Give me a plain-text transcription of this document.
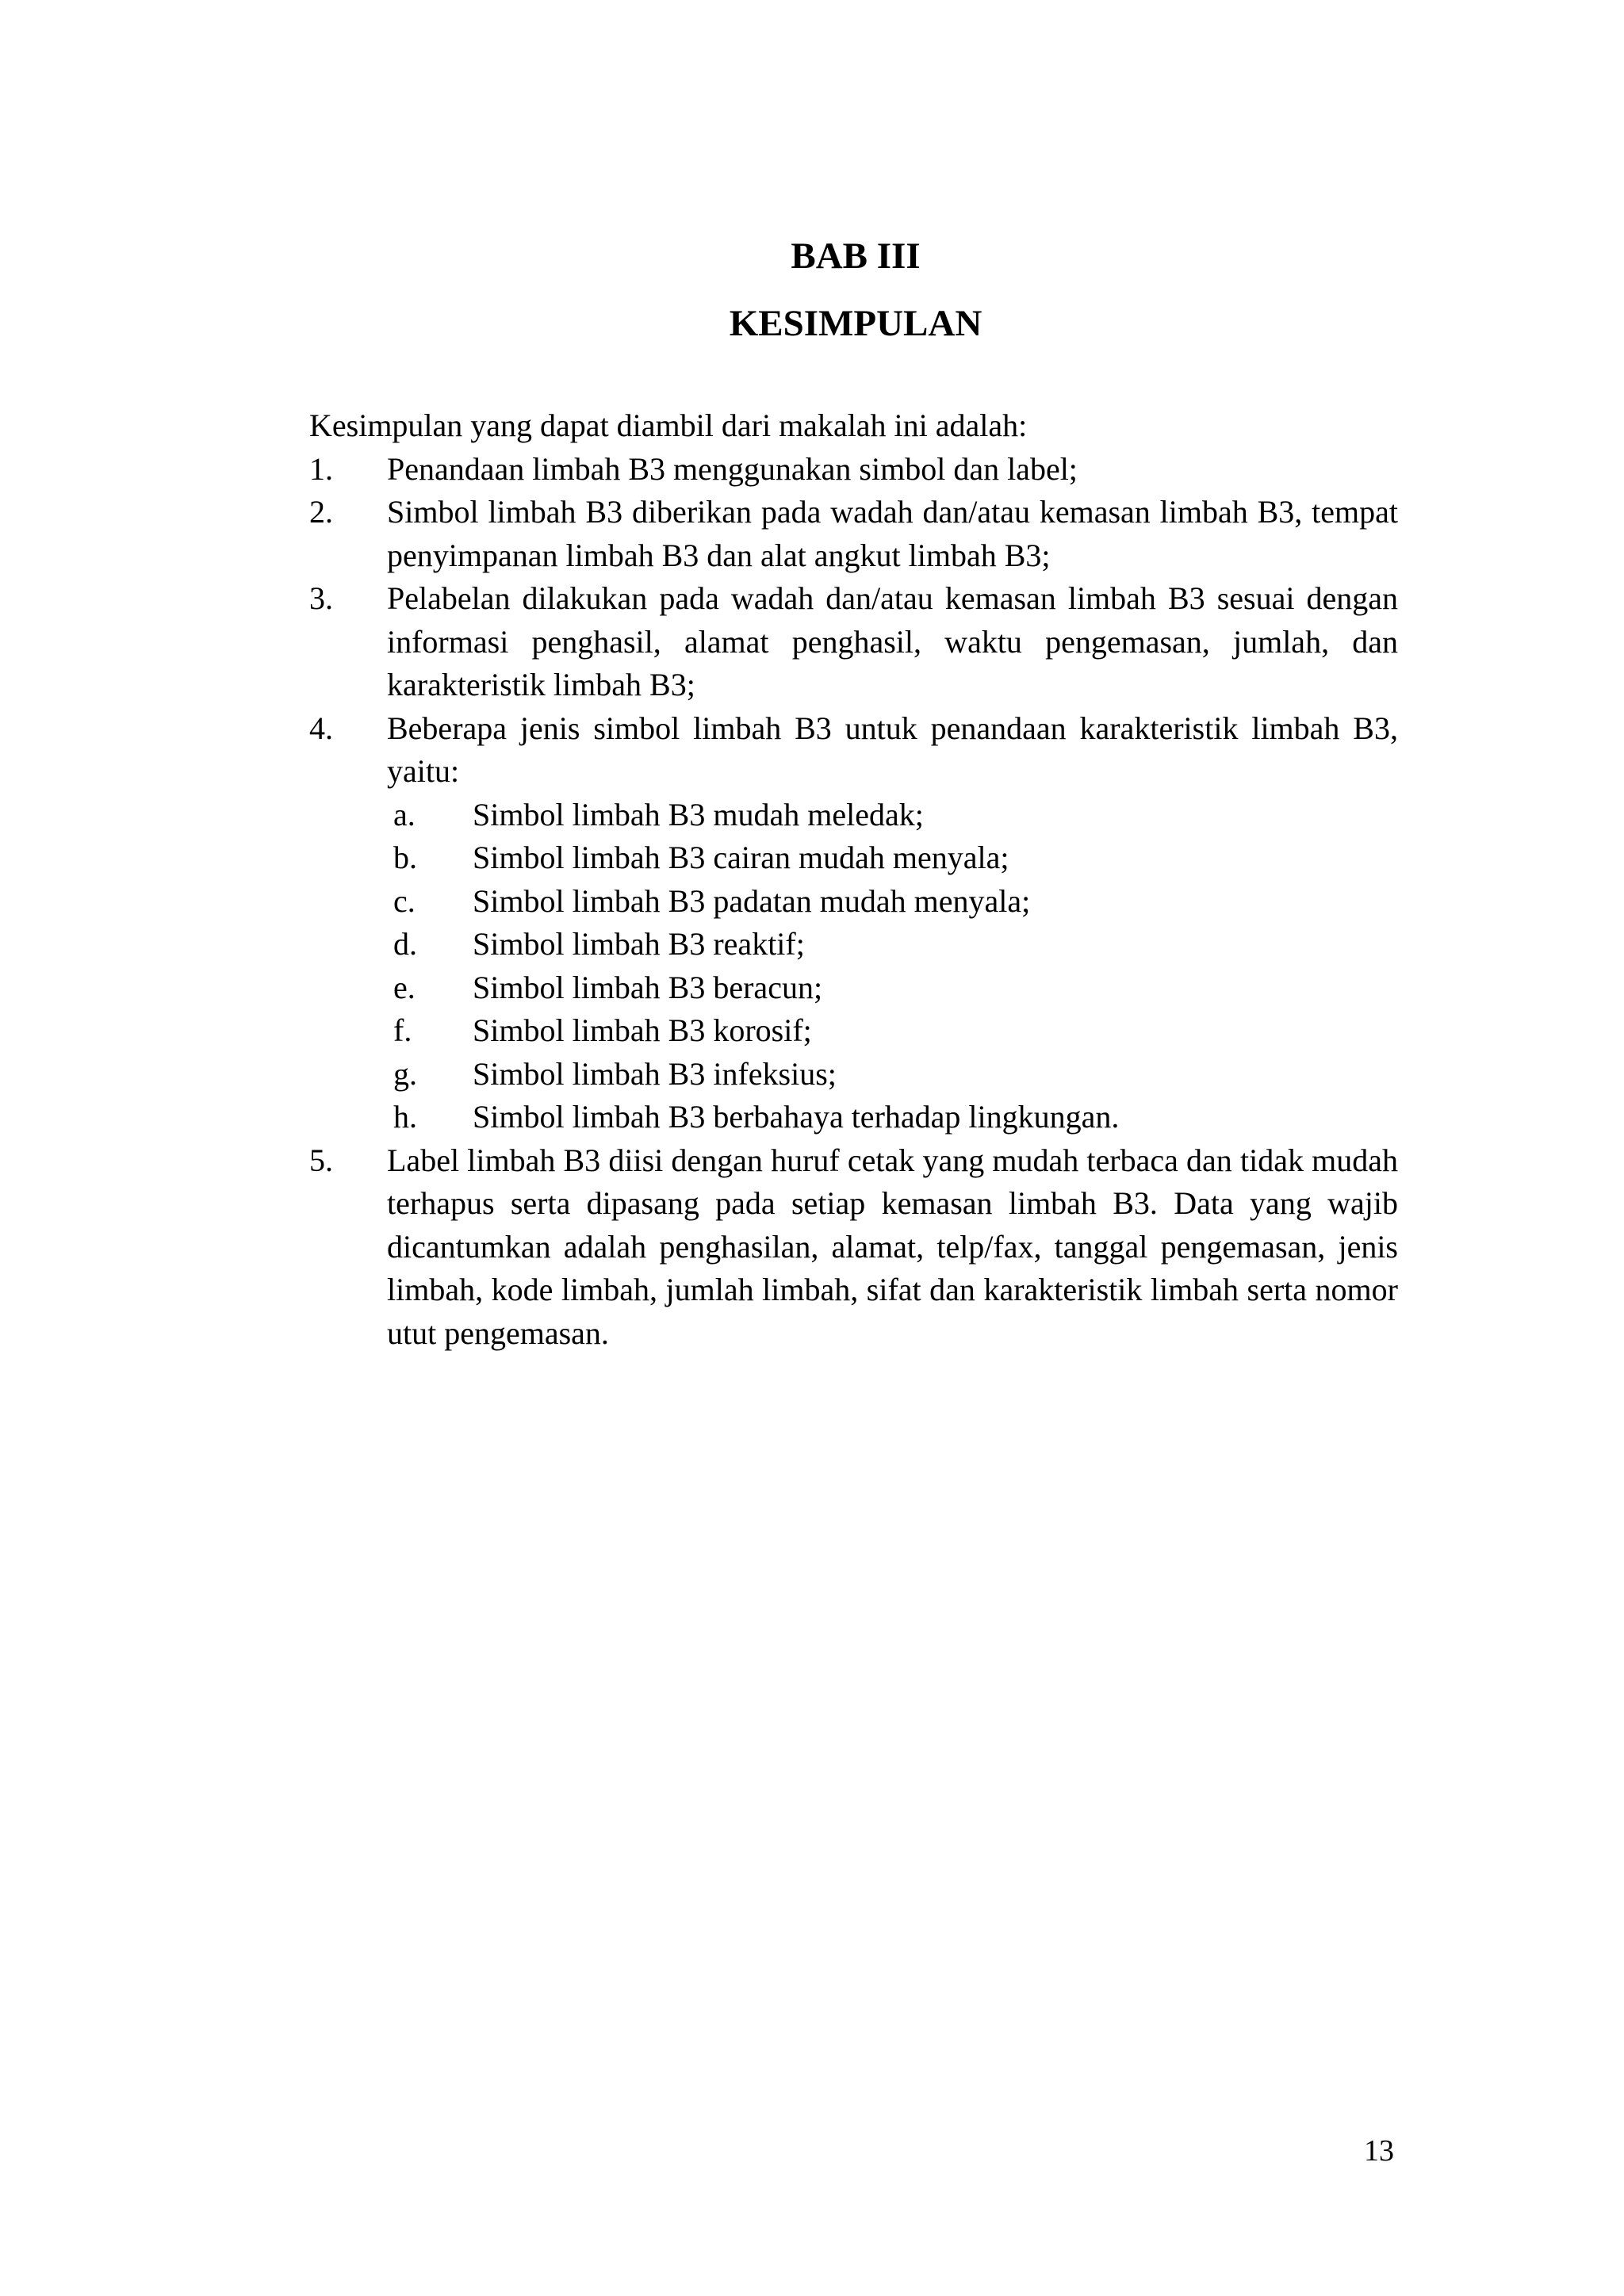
BAB III
KESIMPULAN

Kesimpulan yang dapat diambil dari makalah ini adalah:

1. Penandaan limbah B3 menggunakan simbol dan label;
2. Simbol limbah B3 diberikan pada wadah dan/atau kemasan limbah B3, tempat penyimpanan limbah B3 dan alat angkut limbah B3;
3. Pelabelan dilakukan pada wadah dan/atau kemasan limbah B3 sesuai dengan informasi penghasil, alamat penghasil, waktu pengemasan, jumlah, dan karakteristik limbah B3;
4. Beberapa jenis simbol limbah B3 untuk penandaan karakteristik limbah B3, yaitu:
a. Simbol limbah B3 mudah meledak;
b. Simbol limbah B3 cairan mudah menyala;
c. Simbol limbah B3 padatan mudah menyala;
d. Simbol limbah B3 reaktif;
e. Simbol limbah B3 beracun;
f. Simbol limbah B3 korosif;
g. Simbol limbah B3 infeksius;
h. Simbol limbah B3 berbahaya terhadap lingkungan.
5. Label limbah B3 diisi dengan huruf cetak yang mudah terbaca dan tidak mudah terhapus serta dipasang pada setiap kemasan limbah B3. Data yang wajib dicantumkan adalah penghasilan, alamat, telp/fax, tanggal pengemasan, jenis limbah, kode limbah, jumlah limbah, sifat dan karakteristik limbah serta nomor utut pengemasan.
13
